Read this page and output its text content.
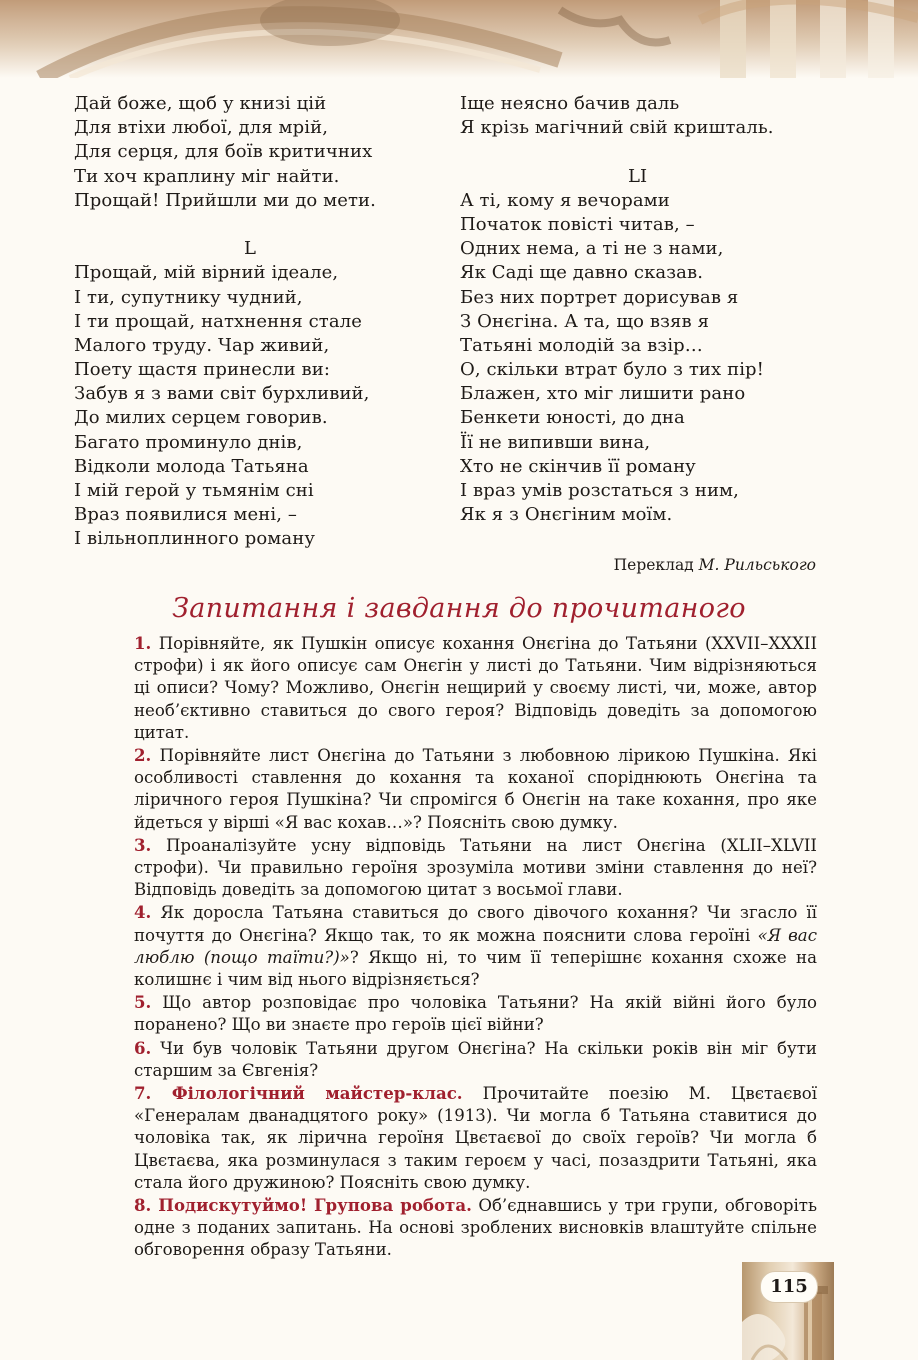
Дай боже, щоб у книзі цій
Для втіхи любої, для мрій,
Для серця, для боїв критичних
Ти хоч краплину міг найти.
Прощай! Прийшли ми до мети.
L
Прощай, мій вірний ідеале,
І ти, супутнику чудний,
І ти прощай, натхнення стале
Малого труду. Чар живий,
Поету щастя принесли ви:
Забув я з вами світ бурхливий,
До милих серцем говорив.
Багато проминуло днів,
Відколи молода Татьяна
І мій герой у тьмянім сні
Враз появилися мені, –
І вільноплинного роману
Іще неясно бачив даль
Я крізь магічний свій кришталь.
LI
А ті, кому я вечорами
Початок повісті читав, –
Одних нема, а ті не з нами,
Як Саді ще давно сказав.
Без них портрет дорисував я
З Онєгіна. А та, що взяв я
Татьяні молодій за взір…
О, скільки втрат було з тих пір!
Блажен, хто міг лишити рано
Бенкети юності, до дна
Її не випивши вина,
Хто не скінчив її роману
І враз умів розстаться з ним,
Як я з Онєгіним моїм.
Переклад М. Рильського
Запитання і завдання до прочитаного

1. Порівняйте, як Пушкін описує кохання Онєгіна до Татьяни (XXVII–XXXII строфи) і як його описує сам Онєгін у листі до Татьяни. Чим відрізняються ці описи? Чому? Можливо, Онєгін нещирий у своєму листі, чи, може, автор необ’єктивно ставиться до свого героя? Відповідь доведіть за допомогою цитат.

2. Порівняйте лист Онєгіна до Татьяни з любовною лірикою Пушкіна. Які особливості ставлення до кохання та коханої споріднюють Онєгіна та ліричного героя Пушкіна? Чи спромігся б Онєгін на таке кохання, про яке йдеться у вірші «Я вас кохав…»? Поясніть свою думку.

3. Проаналізуйте усну відповідь Татьяни на лист Онєгіна (XLII–XLVII строфи). Чи правильно героїня зрозуміла мотиви зміни ставлення до неї? Відповідь доведіть за допомогою цитат з восьмої глави.

4. Як доросла Татьяна ставиться до свого дівочого кохання? Чи згасло її почуття до Онєгіна? Якщо так, то як можна пояснити слова героїні «Я вас люблю (пощо таїти?)»? Якщо ні, то чим її теперішнє кохання схоже на колишнє і чим від нього відрізняється?

5. Що автор розповідає про чоловіка Татьяни? На якій війні його було поранено? Що ви знаєте про героїв цієї війни?

6. Чи був чоловік Татьяни другом Онєгіна? На скільки років він міг бути старшим за Євгенія?

7. Філологічний майстер-клас. Прочитайте поезію М. Цвєтаєвої «Генералам дванадцятого року» (1913). Чи могла б Татьяна ставитися до чоловіка так, як лірична героїня Цвєтаєвої до своїх героїв? Чи могла б Цвєтаєва, яка розминулася з таким героєм у часі, позаздрити Татьяні, яка стала його дружиною? Поясніть свою думку.

8. Подискутуймо! Групова робота. Об’єднавшись у три групи, обговоріть одне з поданих запитань. На основі зроблених висновків влаштуйте спільне обговорення образу Татьяни.

115
